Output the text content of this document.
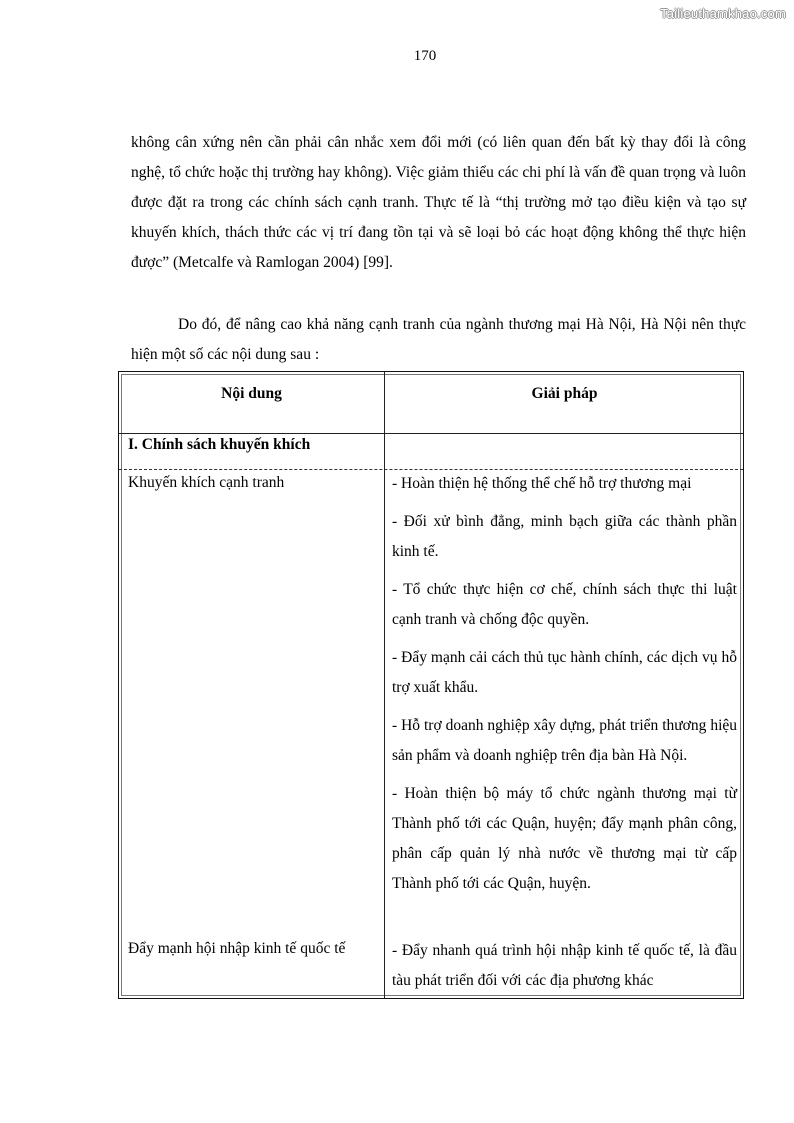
Tailieuthamkhao.com
170

không cân xứng nên cần phải cân nhắc xem đổi mới (có liên quan đến bất kỳ thay đổi là công nghệ, tổ chức hoặc thị trường hay không). Việc giảm thiểu các chi phí là vấn đề quan trọng và luôn được đặt ra trong các chính sách cạnh tranh. Thực tế là “thị trường mở tạo điều kiện và tạo sự khuyến khích, thách thức các vị trí đang tồn tại và sẽ loại bỏ các hoạt động không thể thực hiện được” (Metcalfe và Ramlogan 2004) [99].

Do đó, để nâng cao khả năng cạnh tranh của ngành thương mại Hà Nội, Hà Nội nên thực hiện một số các nội dung sau :

Nội dung	Giải pháp
I. Chính sách khuyến khích
Khuyến khích cạnh tranh	- Hoàn thiện hệ thống thể chế hỗ trợ thương mại

- Đối xử bình đẳng, minh bạch giữa các thành phần kinh tế.

- Tổ chức thực hiện cơ chế, chính sách thực thi luật cạnh tranh và chống độc quyền.

- Đẩy mạnh cải cách thủ tục hành chính, các dịch vụ hỗ trợ xuất khẩu.

- Hỗ trợ doanh nghiệp xây dựng, phát triển thương hiệu sản phẩm và doanh nghiệp trên địa bàn Hà Nội.

- Hoàn thiện bộ máy tổ chức ngành thương mại từ Thành phố tới các Quận, huyện; đẩy mạnh phân công, phân cấp quản lý nhà nước về thương mại từ cấp Thành phố tới các Quận, huyện.

Đẩy mạnh hội nhập kinh tế quốc tế	- Đẩy nhanh quá trình hội nhập kinh tế quốc tế, là đầu tàu phát triển đối với các địa phương khác
